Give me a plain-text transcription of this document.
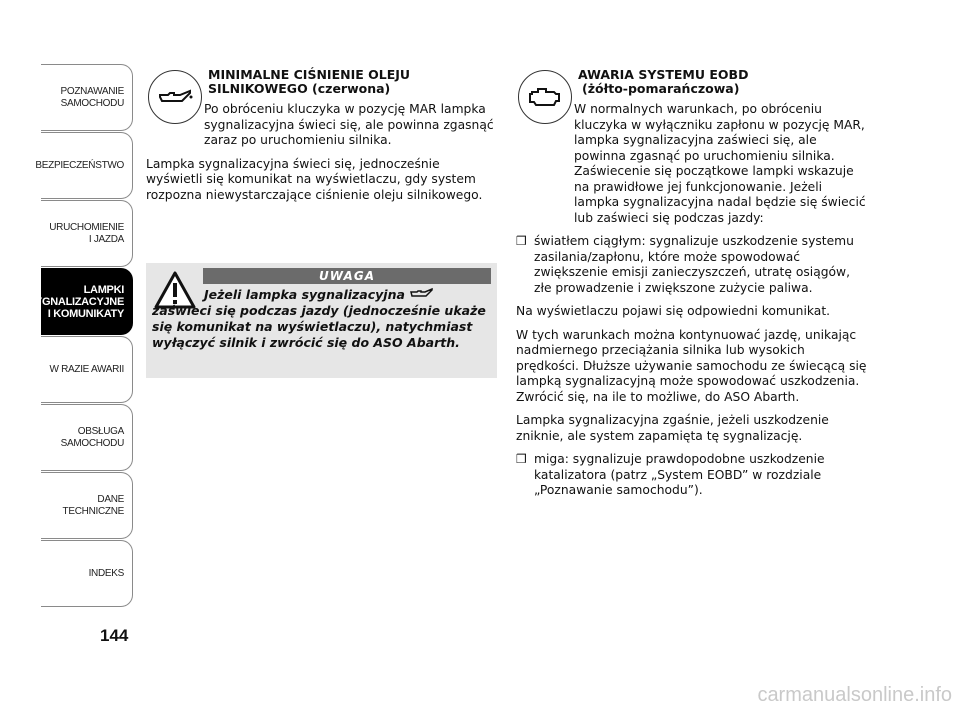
POZNAWANIE
SAMOCHODU
BEZPIECZEŃSTWO
URUCHOMIENIE
I JAZDA
LAMPKI
SYGNALIZACYJNE
I KOMUNIKATY
W RAZIE AWARII
OBSŁUGA
SAMOCHODU
DANE
TECHNICZNE
INDEKS
144
MINIMALNE CIŚNIENIE OLEJU
SILNIKOWEGO (czerwona)

Po obróceniu kluczyka w pozycję MAR lampka sygnalizacyjna świeci się, ale powinna zgasnąć zaraz po uruchomieniu silnika.

Lampka sygnalizacyjna świeci się, jednocześnie wyświetli się komunikat na wyświetlaczu, gdy system rozpozna niewystarczające ciśnienie oleju silnikowego.

UWAGA
Jeżeli lampka sygnalizacyjna
zaświeci się podczas jazdy (jednocześnie ukaże się komunikat na wyświetlaczu), natychmiast wyłączyć silnik i zwrócić się do ASO Abarth.
AWARIA SYSTEMU EOBD
(żółto-pomarańczowa)

W normalnych warunkach, po obróceniu kluczyka w wyłączniku zapłonu w pozycję MAR, lampka sygnalizacyjna zaświeci się, ale powinna zgasnąć po uruchomieniu silnika. Zaświecenie się początkowe lampki wskazuje na prawidłowe jej funkcjonowanie. Jeżeli lampka sygnalizacyjna nadal będzie się świecić lub zaświeci się podczas jazdy:

❒ światłem ciągłym: sygnalizuje uszkodzenie systemu zasilania/zapłonu, które może spowodować zwiększenie emisji zanieczyszczeń, utratę osiągów, złe prowadzenie i zwiększone zużycie paliwa.

Na wyświetlaczu pojawi się odpowiedni komunikat.

W tych warunkach można kontynuować jazdę, unikając nadmiernego przeciążania silnika lub wysokich prędkości. Dłuższe używanie samochodu ze świecącą się lampką sygnalizacyjną może spowodować uszkodzenia. Zwrócić się, na ile to możliwe, do ASO Abarth.

Lampka sygnalizacyjna zgaśnie, jeżeli uszkodzenie zniknie, ale system zapamięta tę sygnalizację.

❒ miga: sygnalizuje prawdopodobne uszkodzenie katalizatora (patrz „System EOBD” w rozdziale „Poznawanie samochodu”).
carmanualsonline.info
